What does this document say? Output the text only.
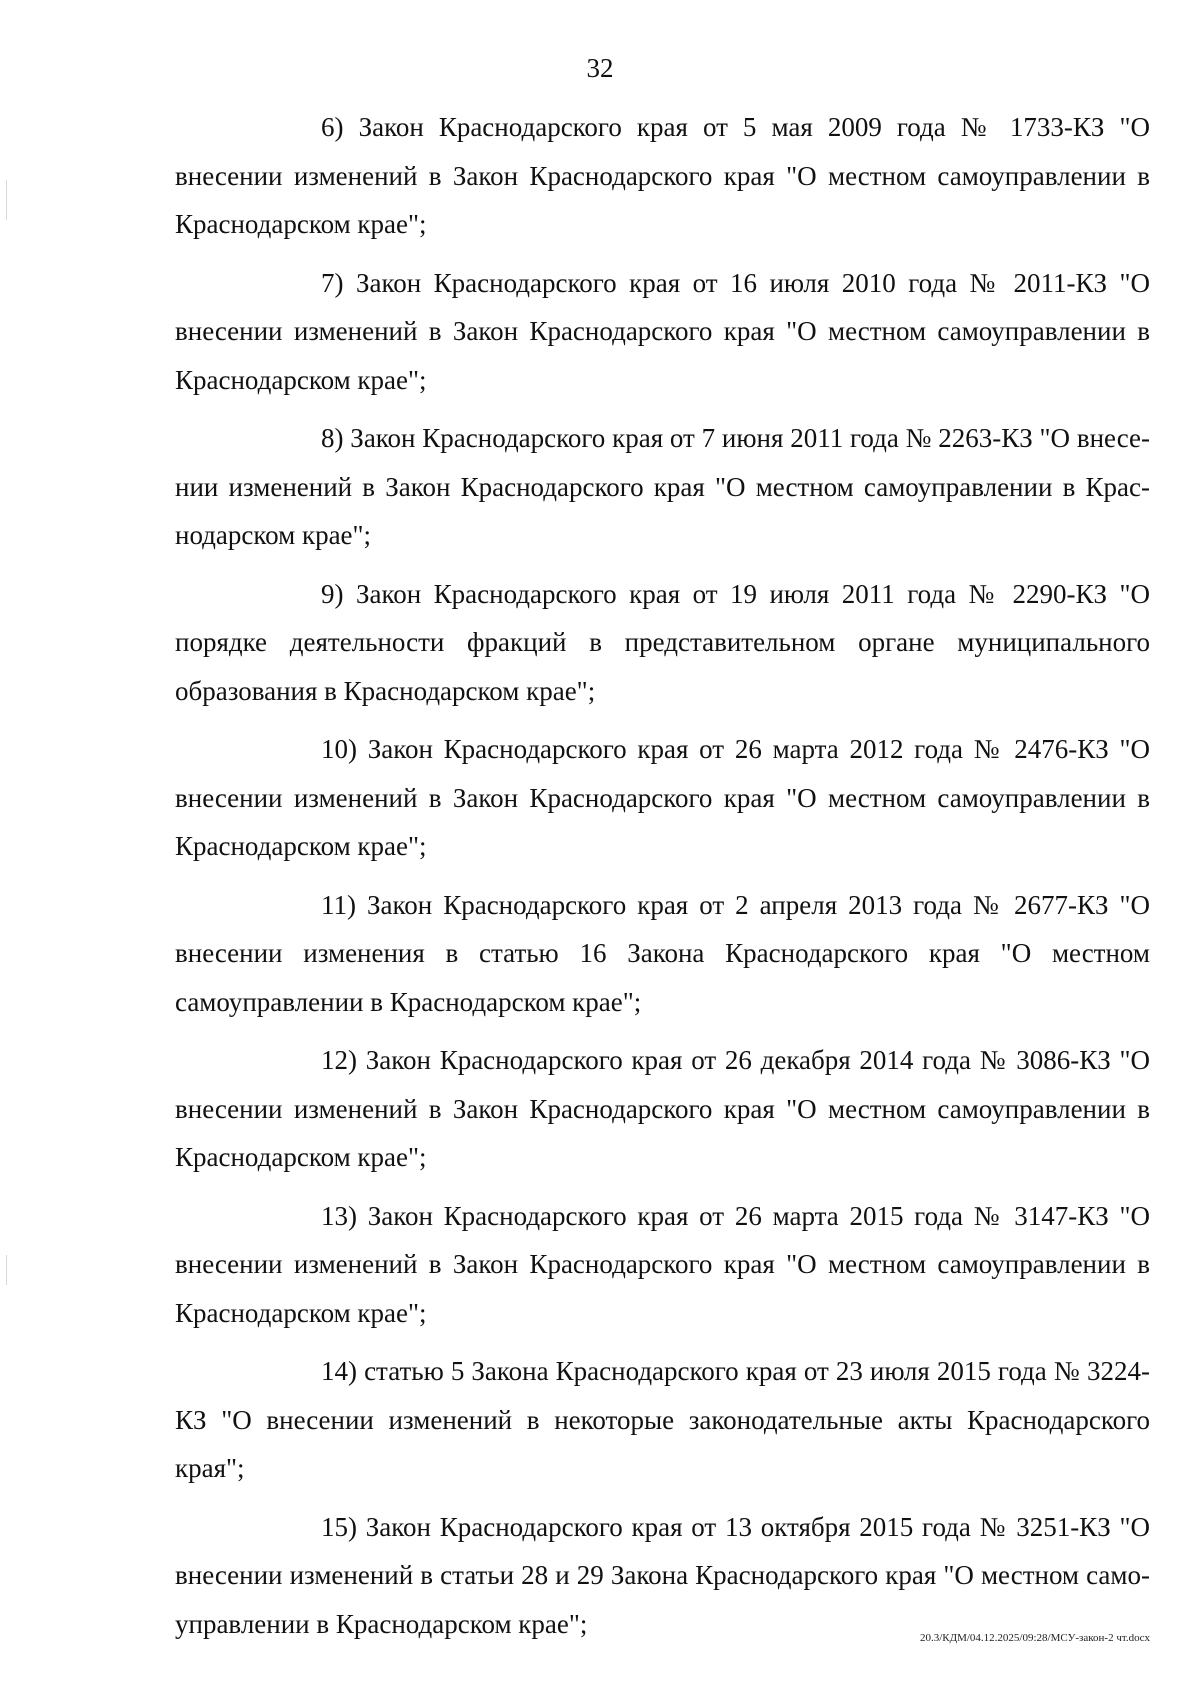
32

6) Закон Краснодарского края от 5 мая 2009 года № 1733-КЗ "О внесении изменений в Закон Краснодарского края "О местном самоуправлении в Краснодарском крае";

7) Закон Краснодарского края от 16 июля 2010 года № 2011-КЗ "О внесении изменений в Закон Краснодарского края "О местном самоуправлении в Краснодарском крае";

8) Закон Краснодарского края от 7 июня 2011 года № 2263-КЗ "О внесении изменений в Закон Краснодарского края "О местном самоуправлении в Краснодарском крае";

9) Закон Краснодарского края от 19 июля 2011 года № 2290-КЗ "О порядке деятельности фракций в представительном органе муниципального образования в Краснодарском крае";

10) Закон Краснодарского края от 26 марта 2012 года № 2476-КЗ "О внесении изменений в Закон Краснодарского края "О местном самоуправлении в Краснодарском крае";

11) Закон Краснодарского края от 2 апреля 2013 года № 2677-КЗ "О внесении изменения в статью 16 Закона Краснодарского края "О местном самоуправлении в Краснодарском крае";

12) Закон Краснодарского края от 26 декабря 2014 года № 3086-КЗ "О внесении изменений в Закон Краснодарского края "О местном самоуправлении в Краснодарском крае";

13) Закон Краснодарского края от 26 марта 2015 года № 3147-КЗ "О внесении изменений в Закон Краснодарского края "О местном самоуправлении в Краснодарском крае";

14) статью 5 Закона Краснодарского края от 23 июля 2015 года № 3224-КЗ "О внесении изменений в некоторые законодательные акты Краснодарского края";

15) Закон Краснодарского края от 13 октября 2015 года № 3251-КЗ "О внесении изменений в статьи 28 и 29 Закона Краснодарского края "О местном самоуправлении в Краснодарском крае";	20.3/КДМ/04.12.2025/09:28/МСУ-закон-2 чт.docx
